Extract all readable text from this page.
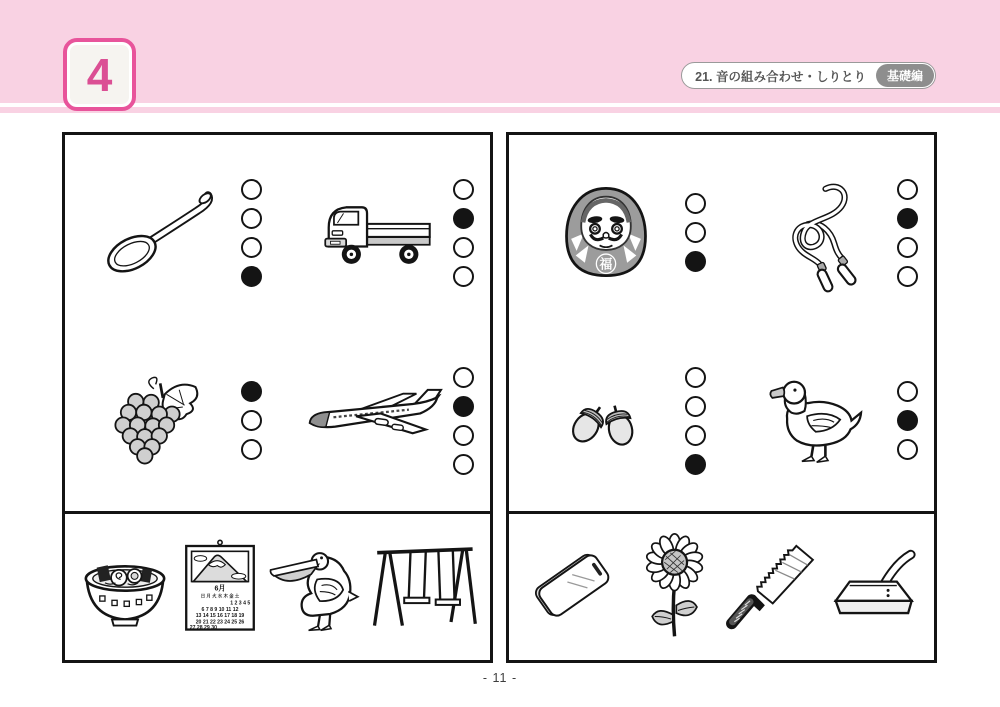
4	21. 音の組み合わせ・しりとり	基礎編
6月
日 月 火 水 木 金 土
1 2 3 4 5
6 7 8 9 10 11 12
13 14 15 16 17 18 19
20 21 22 23 24 25 26
27 28 29 30
福
- 11 -
